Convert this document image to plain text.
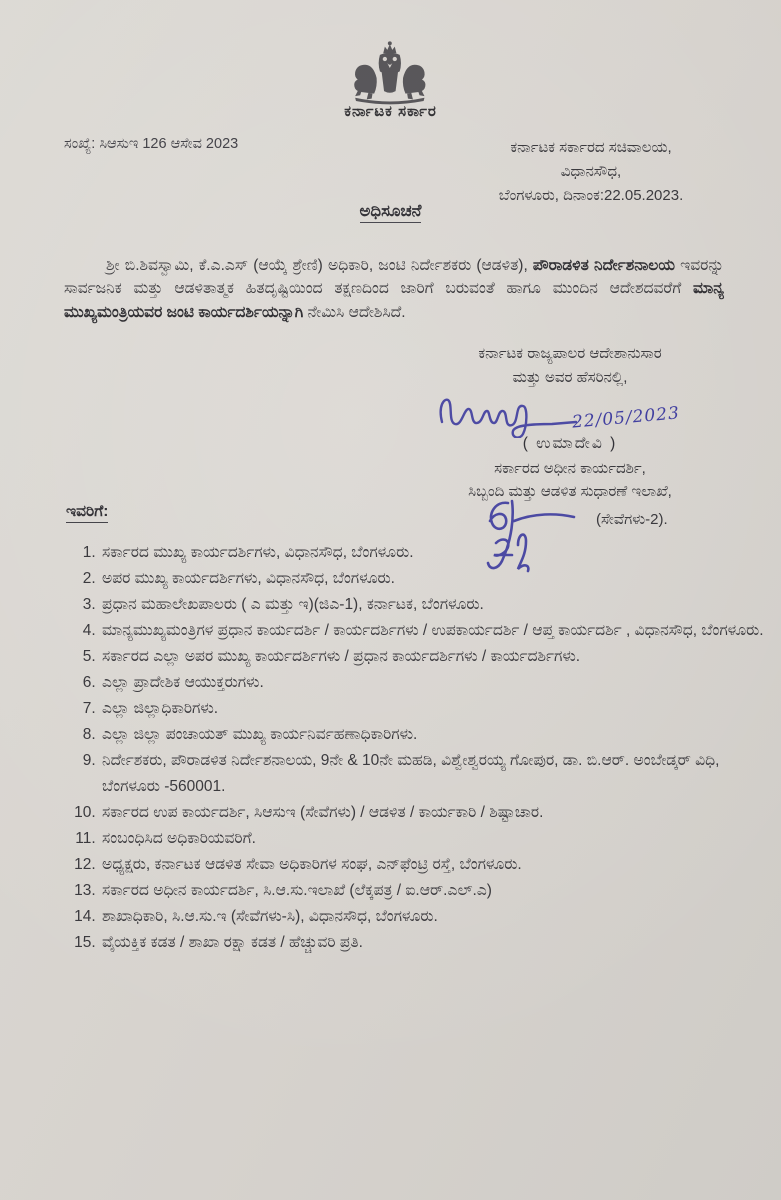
ಕರ್ನಾಟಕ ಸರ್ಕಾರ
ಸಂಖ್ಯೆ: ಸಿಆಸುಇ 126 ಆಸೇವ 2023	ಕರ್ನಾಟಕ ಸರ್ಕಾರದ ಸಚಿವಾಲಯ,
ವಿಧಾನಸೌಧ,
ಬೆಂಗಳೂರು, ದಿನಾಂಕ:22.05.2023.
ಅಧಿಸೂಚನೆ

ಶ್ರೀ ಬಿ.ಶಿವಸ್ವಾಮಿ, ಕೆ.ಎ.ಎಸ್ (ಆಯ್ಕೆ ಶ್ರೇಣಿ) ಅಧಿಕಾರಿ, ಜಂಟಿ ನಿರ್ದೇಶಕರು (ಆಡಳಿತ), ಪೌರಾಡಳಿತ ನಿರ್ದೇಶನಾಲಯ ಇವರನ್ನು ಸಾರ್ವಜನಿಕ ಮತ್ತು ಆಡಳಿತಾತ್ಮಕ ಹಿತದೃಷ್ಟಿಯಿಂದ ತಕ್ಷಣದಿಂದ ಜಾರಿಗೆ ಬರುವಂತೆ ಹಾಗೂ ಮುಂದಿನ ಆದೇಶದವರೆಗೆ ಮಾನ್ಯ ಮುಖ್ಯಮಂತ್ರಿಯವರ ಜಂಟಿ ಕಾರ್ಯದರ್ಶಿಯನ್ನಾಗಿ ನೇಮಿಸಿ ಆದೇಶಿಸಿದೆ.

ಕರ್ನಾಟಕ ರಾಜ್ಯಪಾಲರ ಆದೇಶಾನುಸಾರ
ಮತ್ತು ಅವರ ಹೆಸರಿನಲ್ಲಿ,
22/05/2023
( ಉಮಾದೇವಿ )
ಸರ್ಕಾರದ ಅಧೀನ ಕಾರ್ಯದರ್ಶಿ,
ಸಿಬ್ಬಂದಿ ಮತ್ತು ಆಡಳಿತ ಸುಧಾರಣೆ ಇಲಾಖೆ,
(ಸೇವೆಗಳು-2).
ಇವರಿಗೆ:
1. ಸರ್ಕಾರದ ಮುಖ್ಯ ಕಾರ್ಯದರ್ಶಿಗಳು, ವಿಧಾನಸೌಧ, ಬೆಂಗಳೂರು.
2. ಅಪರ ಮುಖ್ಯ ಕಾರ್ಯದರ್ಶಿಗಳು, ವಿಧಾನಸೌಧ, ಬೆಂಗಳೂರು.
3. ಪ್ರಧಾನ ಮಹಾಲೇಖಪಾಲರು ( ಎ ಮತ್ತು ಇ)(ಜಿಎ-1), ಕರ್ನಾಟಕ, ಬೆಂಗಳೂರು.
4. ಮಾನ್ಯಮುಖ್ಯಮಂತ್ರಿಗಳ ಪ್ರಧಾನ ಕಾರ್ಯದರ್ಶಿ / ಕಾರ್ಯದರ್ಶಿಗಳು / ಉಪಕಾರ್ಯದರ್ಶಿ / ಆಪ್ತ ಕಾರ್ಯದರ್ಶಿ , ವಿಧಾನಸೌಧ, ಬೆಂಗಳೂರು.
5. ಸರ್ಕಾರದ ಎಲ್ಲಾ ಅಪರ ಮುಖ್ಯ ಕಾರ್ಯದರ್ಶಿಗಳು / ಪ್ರಧಾನ ಕಾರ್ಯದರ್ಶಿಗಳು / ಕಾರ್ಯದರ್ಶಿಗಳು.
6. ಎಲ್ಲಾ ಪ್ರಾದೇಶಿಕ ಆಯುಕ್ತರುಗಳು.
7. ಎಲ್ಲಾ ಜಿಲ್ಲಾಧಿಕಾರಿಗಳು.
8. ಎಲ್ಲಾ ಜಿಲ್ಲಾ ಪಂಚಾಯತ್ ಮುಖ್ಯ ಕಾರ್ಯನಿರ್ವಹಣಾಧಿಕಾರಿಗಳು.
9. ನಿರ್ದೇಶಕರು, ಪೌರಾಡಳಿತ ನಿರ್ದೇಶನಾಲಯ, 9ನೇ & 10ನೇ ಮಹಡಿ, ವಿಶ್ವೇಶ್ವರಯ್ಯ ಗೋಪುರ, ಡಾ. ಬಿ.ಆರ್. ಅಂಬೇಡ್ಕರ್ ವಿಧಿ, ಬೆಂಗಳೂರು -560001.
10. ಸರ್ಕಾರದ ಉಪ ಕಾರ್ಯದರ್ಶಿ, ಸಿಆಸುಇ (ಸೇವೆಗಳು) / ಆಡಳಿತ / ಕಾರ್ಯಕಾರಿ / ಶಿಷ್ಟಾಚಾರ.
11. ಸಂಬಂಧಿಸಿದ ಅಧಿಕಾರಿಯವರಿಗೆ.
12. ಅಧ್ಯಕ್ಷರು, ಕರ್ನಾಟಕ ಆಡಳಿತ ಸೇವಾ ಅಧಿಕಾರಿಗಳ ಸಂಘ, ಎನ್‌ಫೆಂಟ್ರಿ ರಸ್ತೆ, ಬೆಂಗಳೂರು.
13. ಸರ್ಕಾರದ ಅಧೀನ ಕಾರ್ಯದರ್ಶಿ, ಸಿ.ಆ.ಸು.ಇಲಾಖೆ (ಲೆಕ್ಕಪತ್ರ / ಐ.ಆರ್.ಎಲ್.ಎ)
14. ಶಾಖಾಧಿಕಾರಿ, ಸಿ.ಆ.ಸು.ಇ (ಸೇವೆಗಳು-ಸಿ), ವಿಧಾನಸೌಧ, ಬೆಂಗಳೂರು.
15. ವೈಯಕ್ತಿಕ ಕಡತ / ಶಾಖಾ ರಕ್ಷಾ ಕಡತ / ಹೆಚ್ಚುವರಿ ಪ್ರತಿ.
